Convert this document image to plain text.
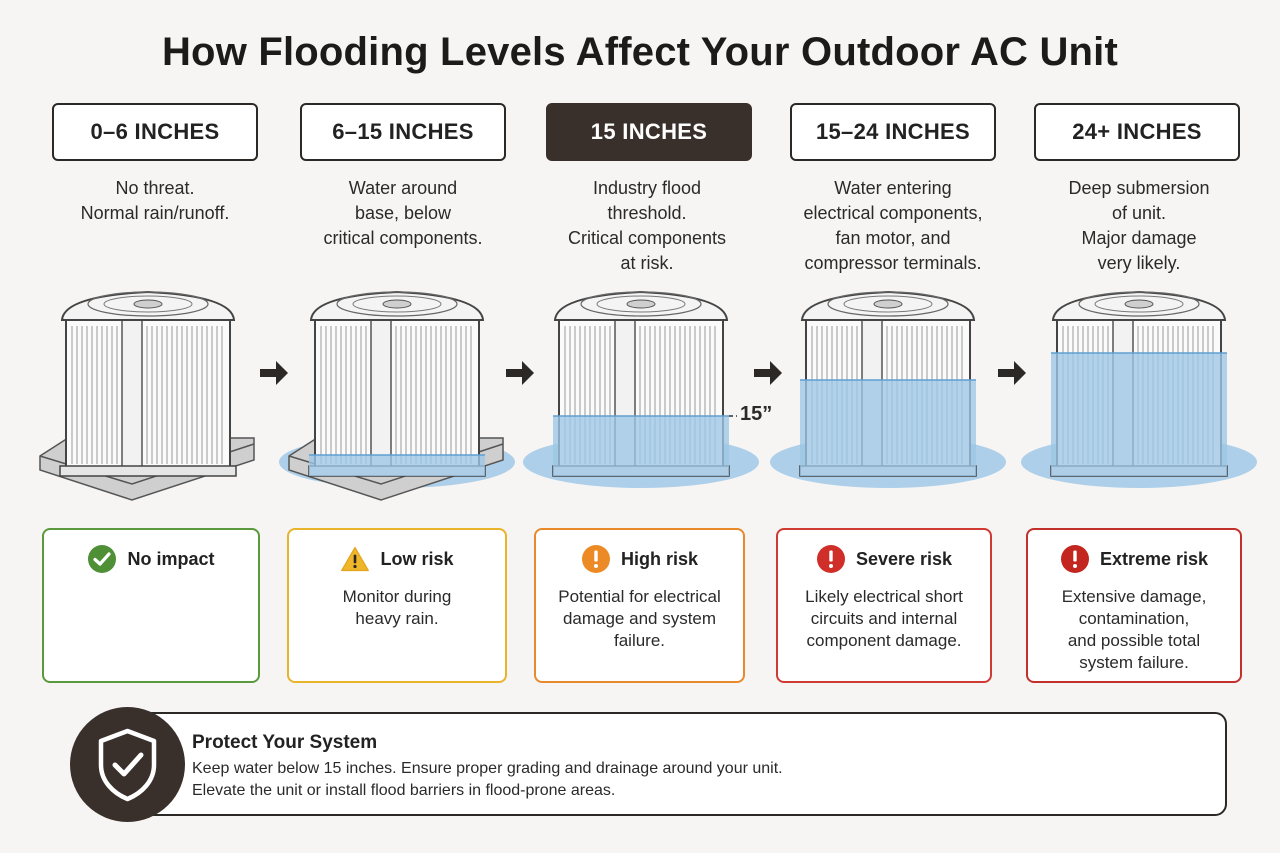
How Flooding Levels Affect Your Outdoor AC Unit
0–6 INCHES	6–15 INCHES	15 INCHES	15–24 INCHES	24+ INCHES
No threat.
Normal rain/runoff.
Water around
base, below
critical components.
Industry flood
threshold.
Critical components
at risk.
Water entering
electrical components,
fan motor, and
compressor terminals.
Deep submersion
of unit.
Major damage
very likely.
15”
No impact	Low risk
Monitor during
heavy rain.
High risk
Potential for electrical
damage and system
failure.
Severe risk
Likely electrical short
circuits and internal
component damage.
Extreme risk
Extensive damage,
contamination,
and possible total
system failure.
Protect Your System
Keep water below 15 inches. Ensure proper grading and drainage around your unit.
Elevate the unit or install flood barriers in flood-prone areas.
